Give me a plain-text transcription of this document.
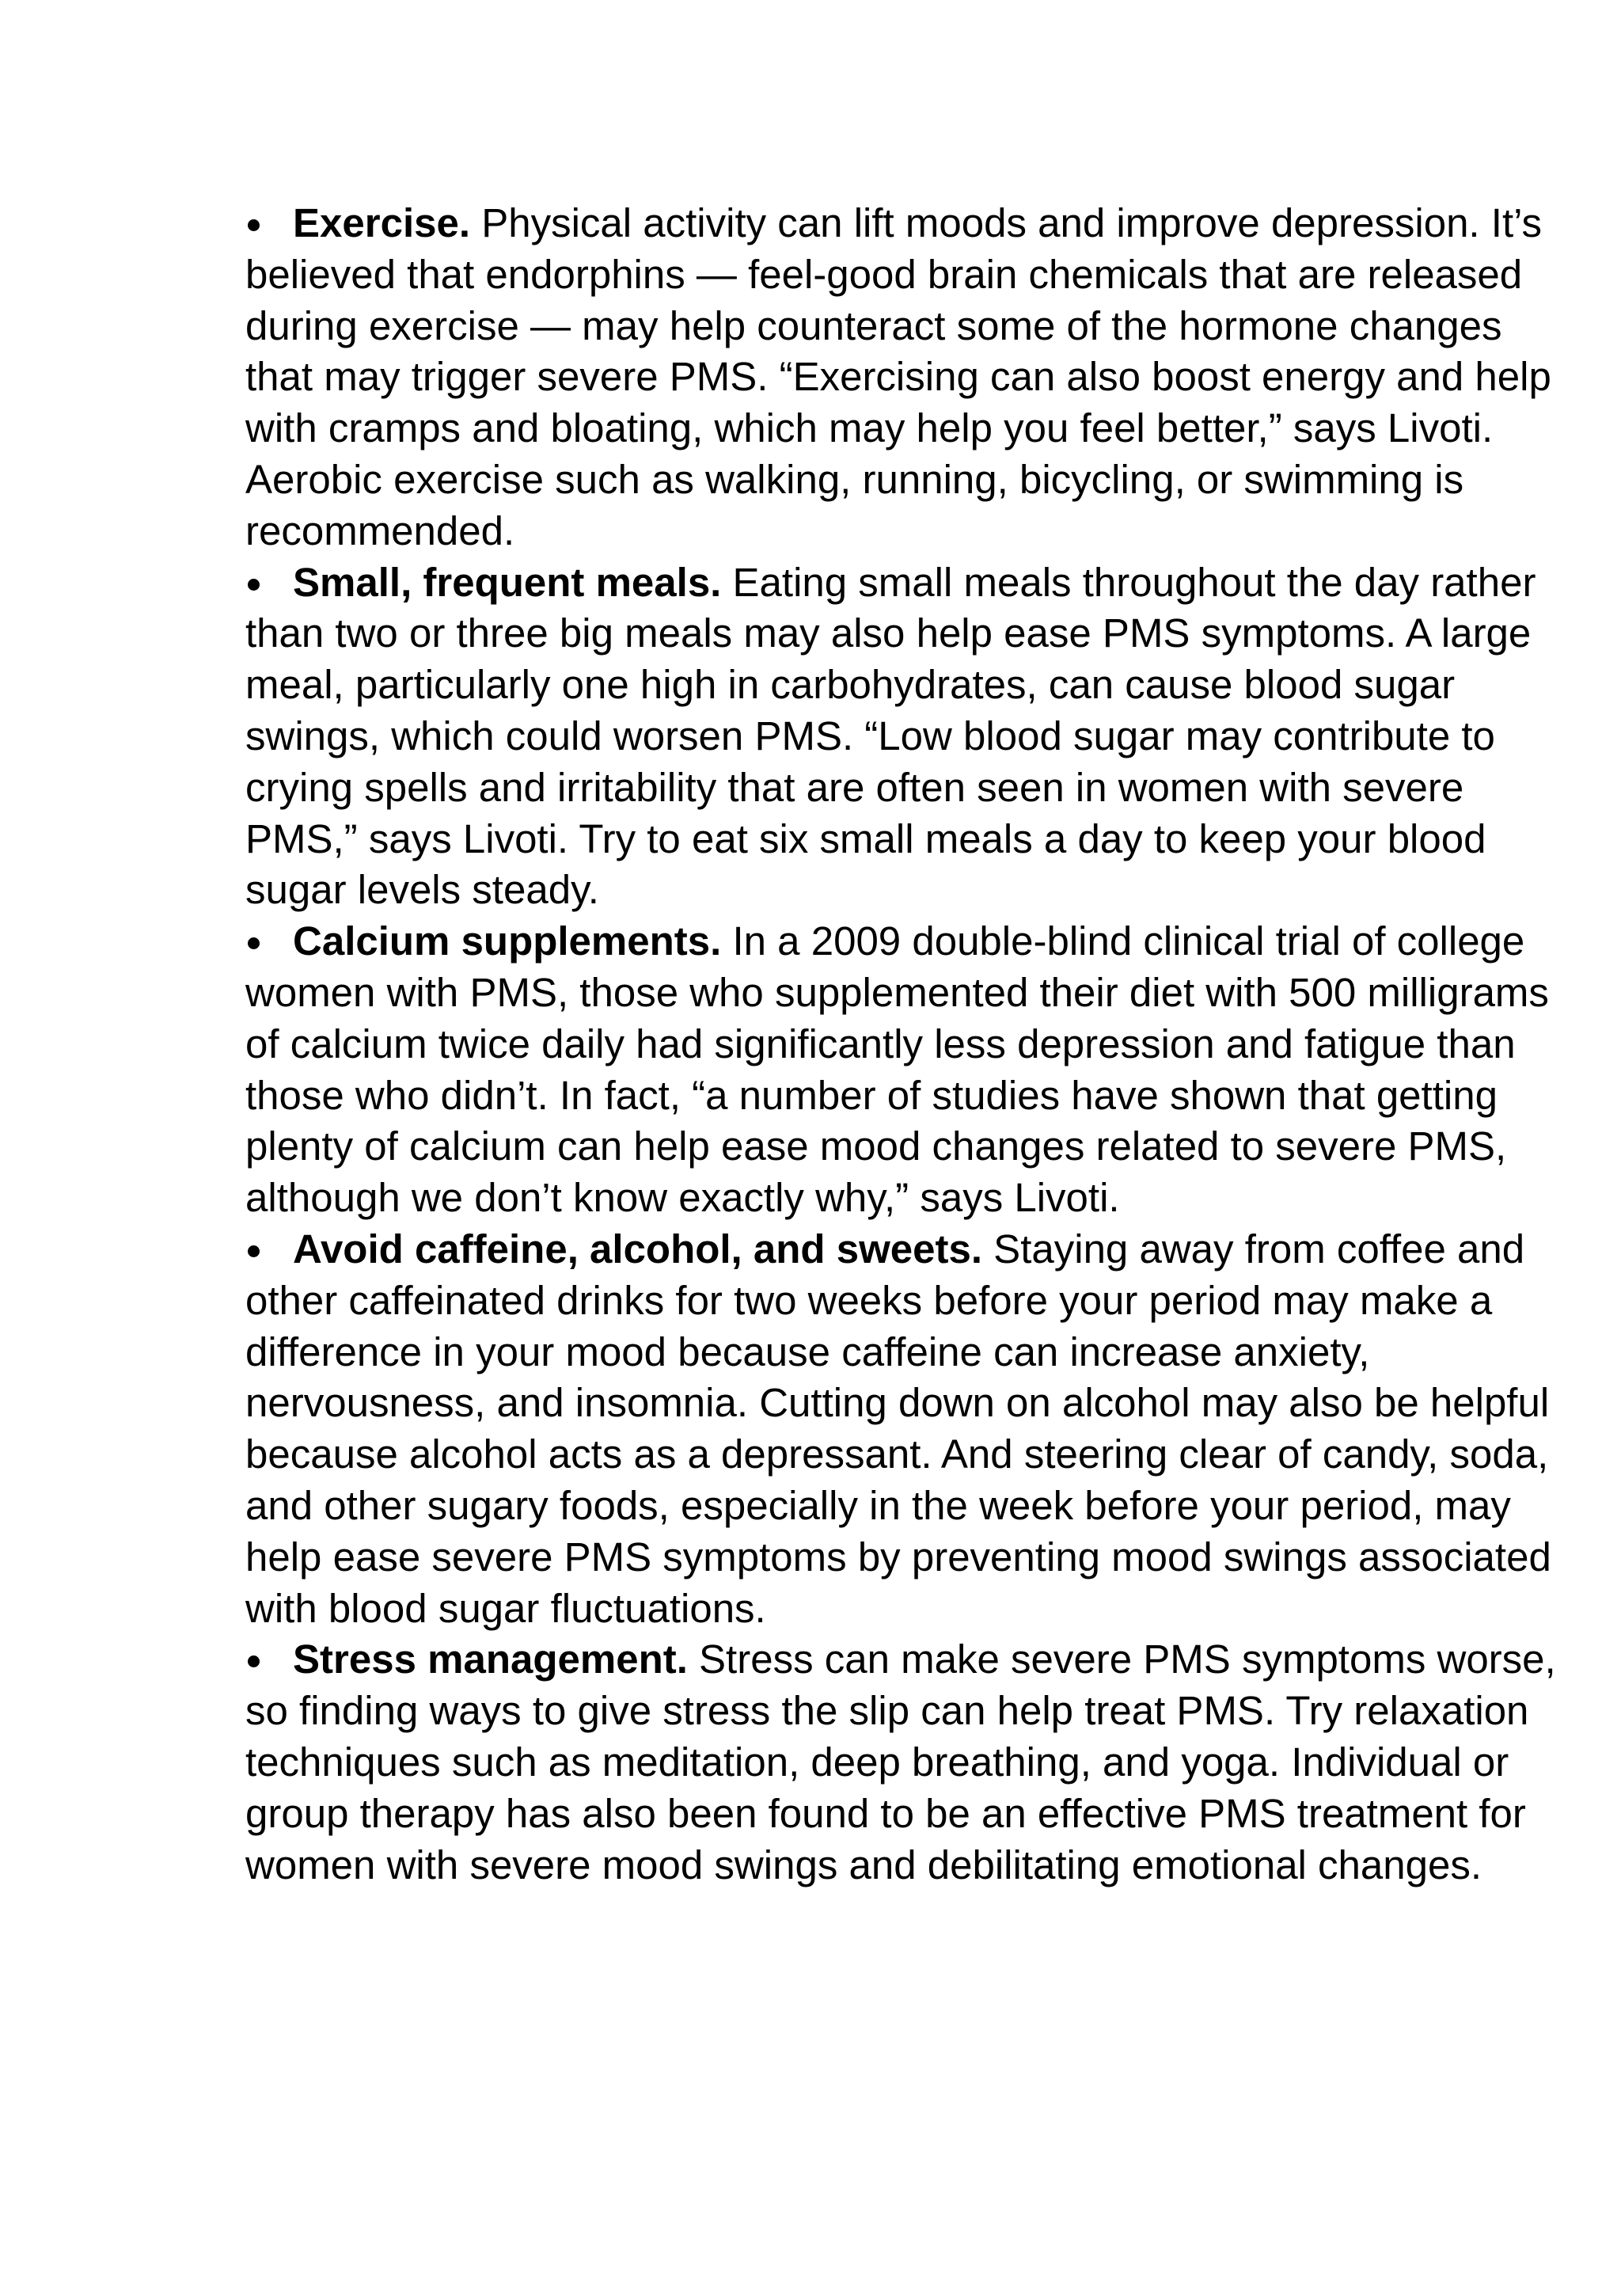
Exercise. Physical activity can lift moods and improve depression. It’s believed that endorphins — feel-good brain chemicals that are released during exercise — may help counteract some of the hormone changes that may trigger severe PMS. “Exercising can also boost energy and help with cramps and bloating, which may help you feel better,” says Livoti. Aerobic exercise such as walking, running, bicycling, or swimming is recommended.
Small, frequent meals. Eating small meals throughout the day rather than two or three big meals may also help ease PMS symptoms. A large meal, particularly one high in carbohydrates, can cause blood sugar swings, which could worsen PMS. “Low blood sugar may contribute to crying spells and irritability that are often seen in women with severe PMS,” says Livoti. Try to eat six small meals a day to keep your blood sugar levels steady.
Calcium supplements. In a 2009 double-blind clinical trial of college women with PMS, those who supplemented their diet with 500 milligrams of calcium twice daily had significantly less depression and fatigue than those who didn’t. In fact, “a number of studies have shown that getting plenty of calcium can help ease mood changes related to severe PMS, although we don’t know exactly why,” says Livoti.
Avoid caffeine, alcohol, and sweets. Staying away from coffee and other caffeinated drinks for two weeks before your period may make a difference in your mood because caffeine can increase anxiety, nervousness, and insomnia. Cutting down on alcohol may also be helpful because alcohol acts as a depressant. And steering clear of candy, soda, and other sugary foods, especially in the week before your period, may help ease severe PMS symptoms by preventing mood swings associated with blood sugar fluctuations.
Stress management. Stress can make severe PMS symptoms worse, so finding ways to give stress the slip can help treat PMS. Try relaxation techniques such as meditation, deep breathing, and yoga. Individual or group therapy has also been found to be an effective PMS treatment for women with severe mood swings and debilitating emotional changes.
